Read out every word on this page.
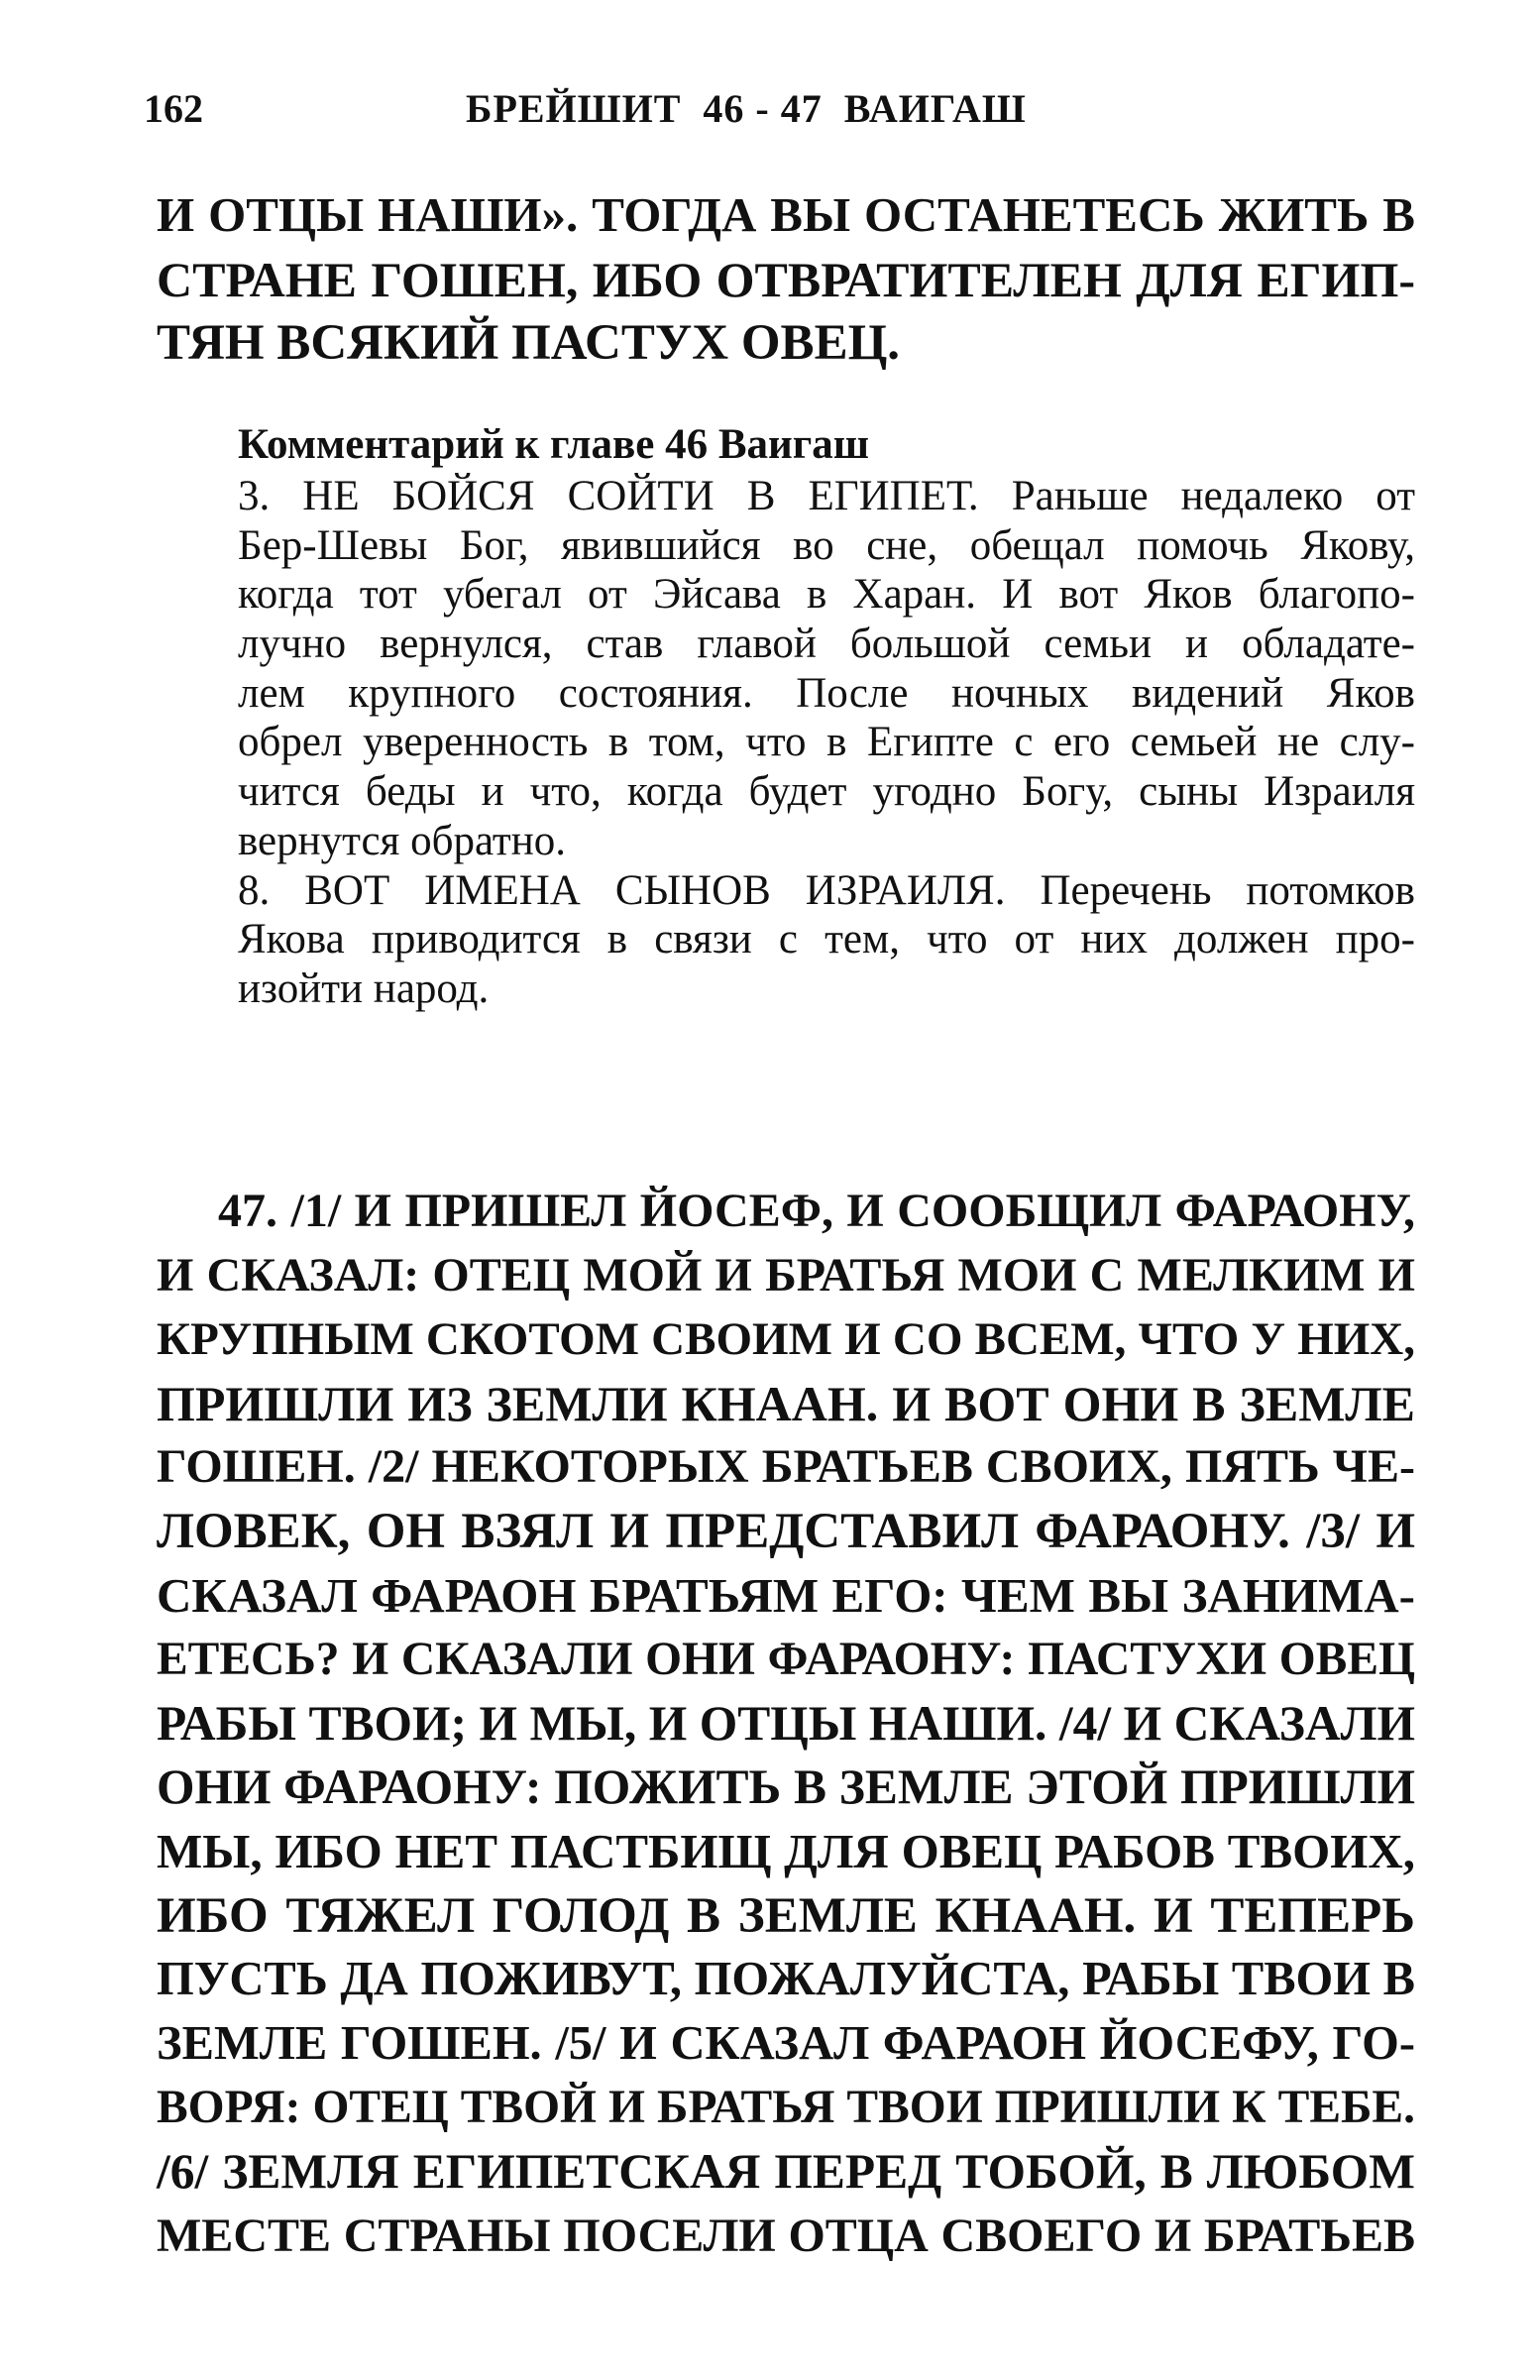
162	БРЕЙШИТ  46 - 47  ВАИГАШ
И ОТЦЫ НАШИ». ТОГДА ВЫ ОСТАНЕТЕСЬ ЖИТЬ В
СТРАНЕ ГОШЕН, ИБО ОТВРАТИТЕЛЕН ДЛЯ ЕГИП-
ТЯН ВСЯКИЙ ПАСТУХ ОВЕЦ.
Комментарий к главе 46 Ваигаш
3. НЕ БОЙСЯ СОЙТИ В ЕГИПЕТ. Раньше недалеко от
Бер-Шевы Бог, явившийся во сне, обещал помочь Якову,
когда тот убегал от Эйсава в Харан. И вот Яков благопо-
лучно вернулся, став главой большой семьи и обладате-
лем крупного состояния. После ночных видений Яков
обрел уверенность в том, что в Египте с его семьей не слу-
чится беды и что, когда будет угодно Богу, сыны Израиля
вернутся обратно.
8. ВОТ ИМЕНА СЫНОВ ИЗРАИЛЯ. Перечень потомков
Якова приводится в связи с тем, что от них должен про-
изойти народ.
47. /1/ И ПРИШЕЛ ЙОСЕФ, И СООБЩИЛ ФАРАОНУ,
И СКАЗАЛ: ОТЕЦ МОЙ И БРАТЬЯ МОИ С МЕЛКИМ И
КРУПНЫМ СКОТОМ СВОИМ И СО ВСЕМ, ЧТО У НИХ,
ПРИШЛИ ИЗ ЗЕМЛИ КНААН. И ВОТ ОНИ В ЗЕМЛЕ
ГОШЕН. /2/ НЕКОТОРЫХ БРАТЬЕВ СВОИХ, ПЯТЬ ЧЕ-
ЛОВЕК, ОН ВЗЯЛ И ПРЕДСТАВИЛ ФАРАОНУ. /3/ И
СКАЗАЛ ФАРАОН БРАТЬЯМ ЕГО: ЧЕМ ВЫ ЗАНИМА-
ЕТЕСЬ? И СКАЗАЛИ ОНИ ФАРАОНУ: ПАСТУХИ ОВЕЦ
РАБЫ ТВОИ; И МЫ, И ОТЦЫ НАШИ. /4/ И СКАЗАЛИ
ОНИ ФАРАОНУ: ПОЖИТЬ В ЗЕМЛЕ ЭТОЙ ПРИШЛИ
МЫ, ИБО НЕТ ПАСТБИЩ ДЛЯ ОВЕЦ РАБОВ ТВОИХ,
ИБО ТЯЖЕЛ ГОЛОД В ЗЕМЛЕ КНААН. И ТЕПЕРЬ
ПУСТЬ ДА ПОЖИВУТ, ПОЖАЛУЙСТА, РАБЫ ТВОИ В
ЗЕМЛЕ ГОШЕН. /5/ И СКАЗАЛ ФАРАОН ЙОСЕФУ, ГО-
ВОРЯ: ОТЕЦ ТВОЙ И БРАТЬЯ ТВОИ ПРИШЛИ К ТЕБЕ.
/6/ ЗЕМЛЯ ЕГИПЕТСКАЯ ПЕРЕД ТОБОЙ, В ЛЮБОМ
МЕСТЕ СТРАНЫ ПОСЕЛИ ОТЦА СВОЕГО И БРАТЬЕВ
